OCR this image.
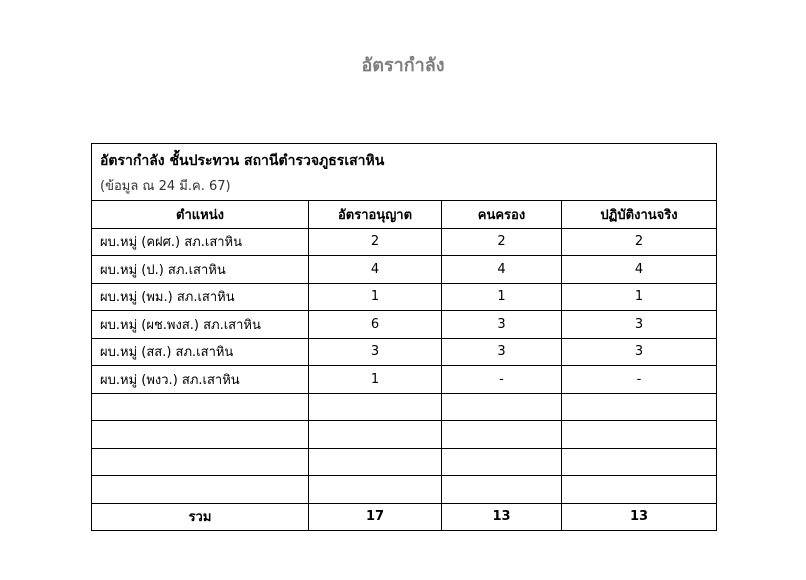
อัตรากำลัง
อัตรากำลัง ชั้นประทวน สถานีตำรวจภูธรเสาหิน
(ข้อมูล ณ 24 มี.ค. 67)			

ตำแหน่ง	อัตราอนุญาต	คนครอง	ปฏิบัติงานจริง
ผบ.หมู่ (คฝศ.) สภ.เสาหิน	2	2	2
ผบ.หมู่ (ป.) สภ.เสาหิน	4	4	4
ผบ.หมู่ (พม.) สภ.เสาหิน	1	1	1
ผบ.หมู่ (ผช.พงส.) สภ.เสาหิน	6	3	3
ผบ.หมู่ (สส.) สภ.เสาหิน	3	3	3
ผบ.หมู่ (พงว.) สภ.เสาหิน	1	-	-

รวม	17	13	13
